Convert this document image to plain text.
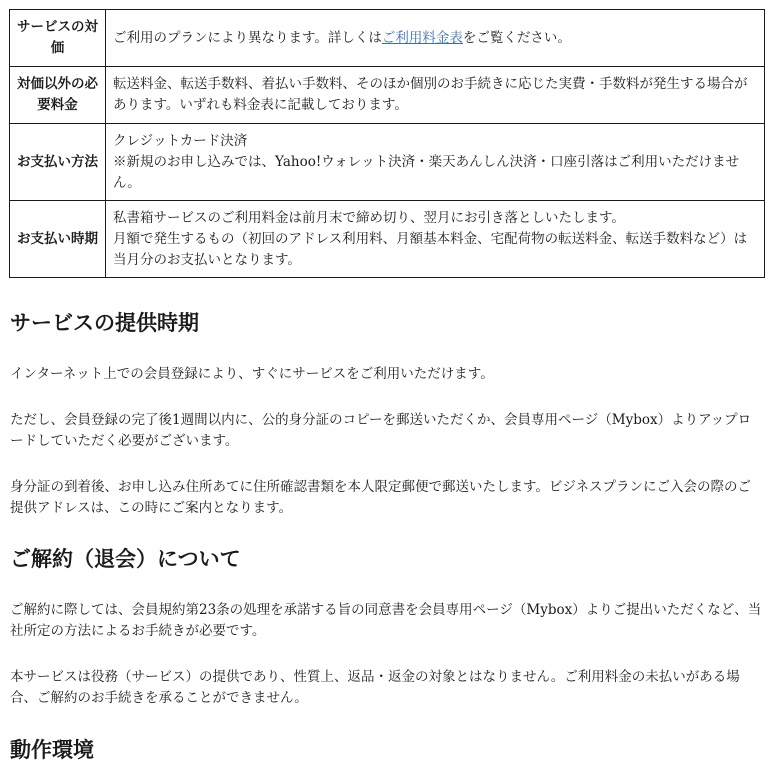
サービスの対価	ご利用のプランにより異なります。詳しくはご利用料金表をご覧ください。
対価以外の必要料金	転送料金、転送手数料、着払い手数料、そのほか個別のお手続きに応じた実費・手数料が発生する場合があります。いずれも料金表に記載しております。

お支払い方法	クレジットカード決済
※新規のお申し込みでは、Yahoo!ウォレット決済・楽天あんしん決済・口座引落はご利用いただけません。

お支払い時期	私書箱サービスのご利用料金は前月末で締め切り、翌月にお引き落としいたします。
月額で発生するもの（初回のアドレス利用料、月額基本料金、宅配荷物の転送料金、転送手数料など）は当月分のお支払いとなります。
サービスの提供時期

インターネット上での会員登録により、すぐにサービスをご利用いただけます。

ただし、会員登録の完了後1週間以内に、公的身分証のコピーを郵送いただくか、会員専用ページ（Mybox）よりアップロードしていただく必要がございます。

身分証の到着後、お申し込み住所あてに住所確認書類を本人限定郵便で郵送いたします。ビジネスプランにご入会の際のご提供アドレスは、この時にご案内となります。

ご解約（退会）について

ご解約に際しては、会員規約第23条の処理を承諾する旨の同意書を会員専用ページ（Mybox）よりご提出いただくなど、当社所定の方法によるお手続きが必要です。

本サービスは役務（サービス）の提供であり、性質上、返品・返金の対象とはなりません。ご利用料金の未払いがある場合、ご解約のお手続きを承ることができません。

動作環境
